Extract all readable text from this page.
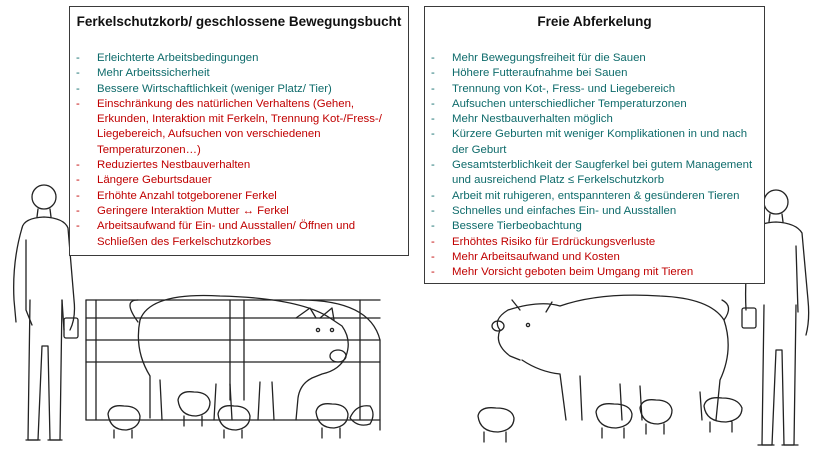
Ferkelschutzkorb/ geschlossene Bewegungsbucht
- Erleichterte Arbeitsbedingungen
- Mehr Arbeitssicherheit
- Bessere Wirtschaftlichkeit (weniger Platz/ Tier)
- Einschränkung des natürlichen Verhaltens (Gehen, Erkunden, Interaktion mit Ferkeln, Trennung Kot-/Fress-/ Liegebereich, Aufsuchen von verschiedenen Temperaturzonen…)
- Reduziertes Nestbauverhalten
- Längere Geburtsdauer
- Erhöhte Anzahl totgeborener Ferkel
- Geringere Interaktion Mutter ↔ Ferkel
- Arbeitsaufwand für Ein- und Ausstallen/ Öffnen und Schließen des Ferkelschutzkorbes
Freie Abferkelung
- Mehr Bewegungsfreiheit für die Sauen
- Höhere Futteraufnahme bei Sauen
- Trennung von Kot-, Fress- und Liegebereich
- Aufsuchen unterschiedlicher Temperaturzonen
- Mehr Nestbauverhalten möglich
- Kürzere Geburten mit weniger Komplikationen in und nach der Geburt
- Gesamtsterblichkeit der Saugferkel bei gutem Management und ausreichend Platz ≤ Ferkelschutzkorb
- Arbeit mit ruhigeren, entspannteren & gesünderen Tieren
- Schnelles und einfaches Ein- und Ausstallen
- Bessere Tierbeobachtung
- Erhöhtes Risiko für Erdrückungsverluste
- Mehr Arbeitsaufwand und Kosten
- Mehr Vorsicht geboten beim Umgang mit Tieren
